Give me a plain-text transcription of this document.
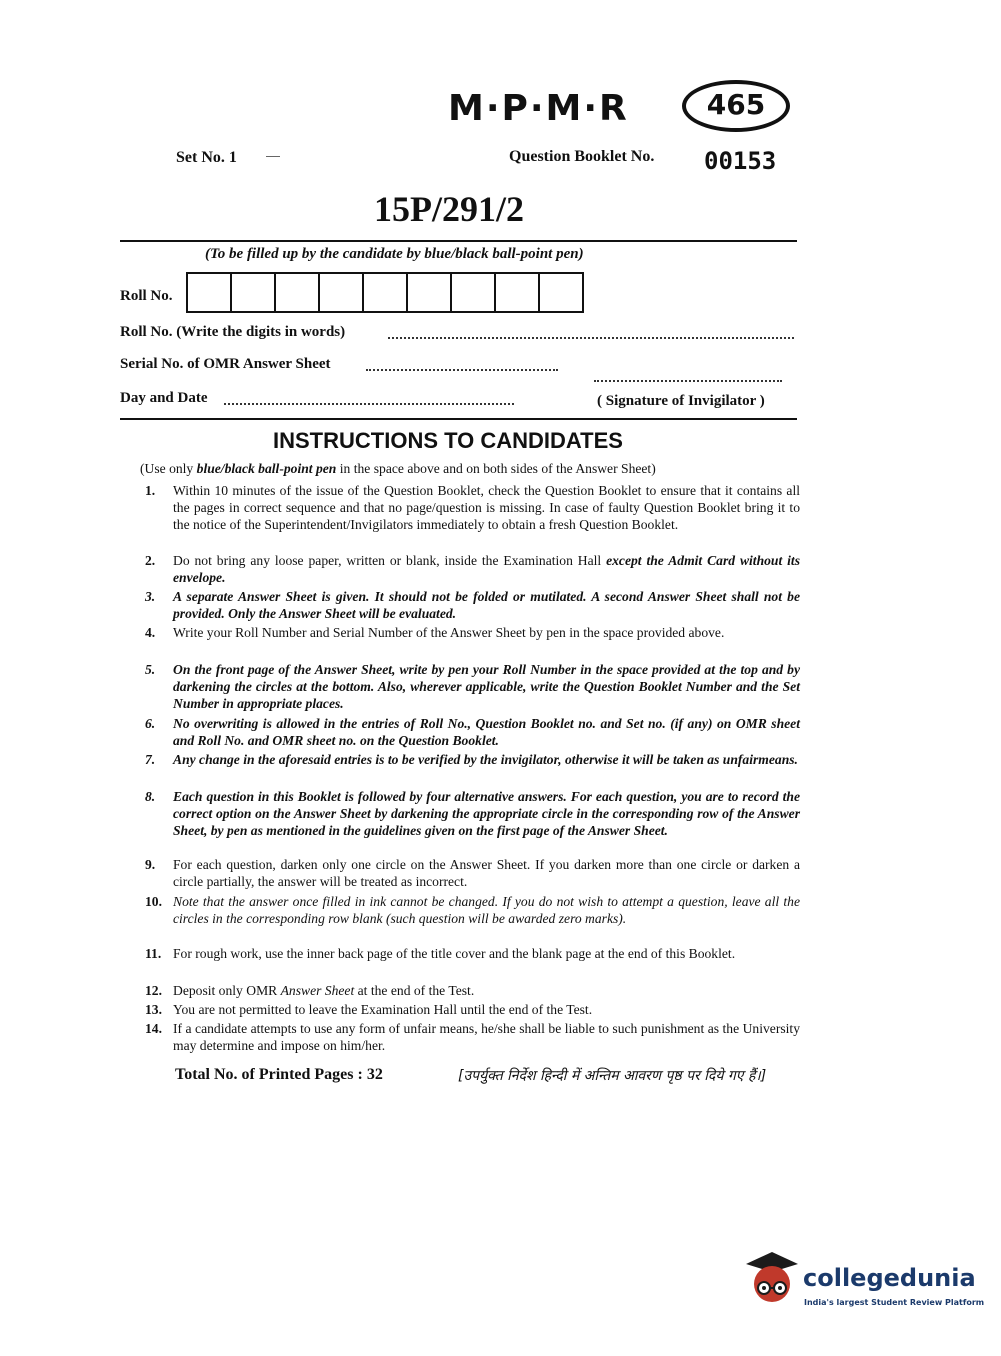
M·P·M·R	465
Set No. 1	Question Booklet No. 00153
15P/291/2
(To be filled up by the candidate by blue/black ball-point pen)
Roll No.
Roll No. (Write the digits in words)
Serial No. of OMR Answer Sheet
Day and Date	( Signature of Invigilator )
INSTRUCTIONS TO CANDIDATES
(Use only blue/black ball-point pen in the space above and on both sides of the Answer Sheet)
1. Within 10 minutes of the issue of the Question Booklet, check the Question Booklet to ensure that it contains all the pages in correct sequence and that no page/question is missing. In case of faulty Question Booklet bring it to the notice of the Superintendent/Invigilators immediately to obtain a fresh Question Booklet.
2. Do not bring any loose paper, written or blank, inside the Examination Hall except the Admit Card without its envelope.
3. A separate Answer Sheet is given. It should not be folded or mutilated. A second Answer Sheet shall not be provided. Only the Answer Sheet will be evaluated.
4. Write your Roll Number and Serial Number of the Answer Sheet by pen in the space provided above.
5. On the front page of the Answer Sheet, write by pen your Roll Number in the space provided at the top and by darkening the circles at the bottom. Also, wherever applicable, write the Question Booklet Number and the Set Number in appropriate places.
6. No overwriting is allowed in the entries of Roll No., Question Booklet no. and Set no. (if any) on OMR sheet and Roll No. and OMR sheet no. on the Question Booklet.
7. Any change in the aforesaid entries is to be verified by the invigilator, otherwise it will be taken as unfairmeans.
8. Each question in this Booklet is followed by four alternative answers. For each question, you are to record the correct option on the Answer Sheet by darkening the appropriate circle in the corresponding row of the Answer Sheet, by pen as mentioned in the guidelines given on the first page of the Answer Sheet.
9. For each question, darken only one circle on the Answer Sheet. If you darken more than one circle or darken a circle partially, the answer will be treated as incorrect.
10. Note that the answer once filled in ink cannot be changed. If you do not wish to attempt a question, leave all the circles in the corresponding row blank (such question will be awarded zero marks).
11. For rough work, use the inner back page of the title cover and the blank page at the end of this Booklet.
12. Deposit only OMR Answer Sheet at the end of the Test.
13. You are not permitted to leave the Examination Hall until the end of the Test.
14. If a candidate attempts to use any form of unfair means, he/she shall be liable to such punishment as the University may determine and impose on him/her.
Total No. of Printed Pages : 32	[उपर्युक्त निर्देश हिन्दी में अन्तिम आवरण पृष्ठ पर दिये गए हैं।]
collegedunia
India's largest Student Review Platform
